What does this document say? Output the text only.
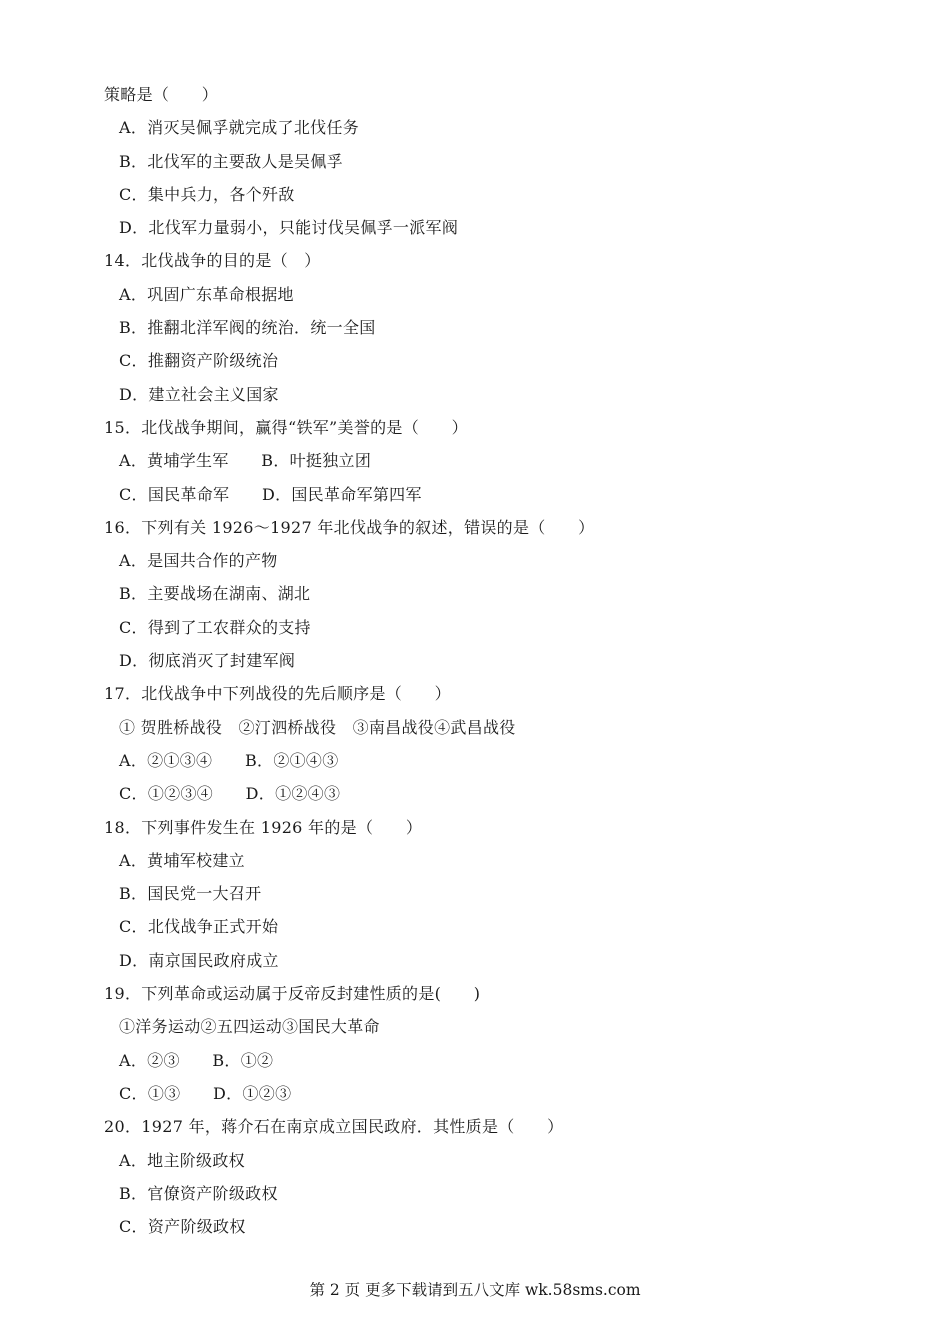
策略是（　　）
A．消灭吴佩孚就完成了北伐任务
B．北伐军的主要敌人是吴佩孚
C．集中兵力，各个歼敌
D．北伐军力量弱小，只能讨伐吴佩孚一派军阀
14．北伐战争的目的是（　）
A．巩固广东革命根据地
B．推翻北洋军阀的统治．统一全国
C．推翻资产阶级统治
D．建立社会主义国家
15．北伐战争期间，赢得“铁军”美誉的是（　　）
A．黄埔学生军　　B．叶挺独立团
C．国民革命军　　D．国民革命军第四军
16．下列有关 1926～1927 年北伐战争的叙述，错误的是（　　）
A．是国共合作的产物
B．主要战场在湖南、湖北
C．得到了工农群众的支持
D．彻底消灭了封建军阀
17．北伐战争中下列战役的先后顺序是（　　）
① 贺胜桥战役　②汀泗桥战役　③南昌战役④武昌战役
A．②①③④　　B．②①④③
C．①②③④　　D．①②④③
18．下列事件发生在 1926 年的是（　　）
A．黄埔军校建立
B．国民党一大召开
C．北伐战争正式开始
D．南京国民政府成立
19．下列革命或运动属于反帝反封建性质的是(　　)
①洋务运动②五四运动③国民大革命
A．②③　　B．①②
C．①③　　D．①②③
20．1927 年，蒋介石在南京成立国民政府．其性质是（　　）
A．地主阶级政权
B．官僚资产阶级政权
C．资产阶级政权
第 2 页 更多下载请到五八文库 wk.58sms.com
